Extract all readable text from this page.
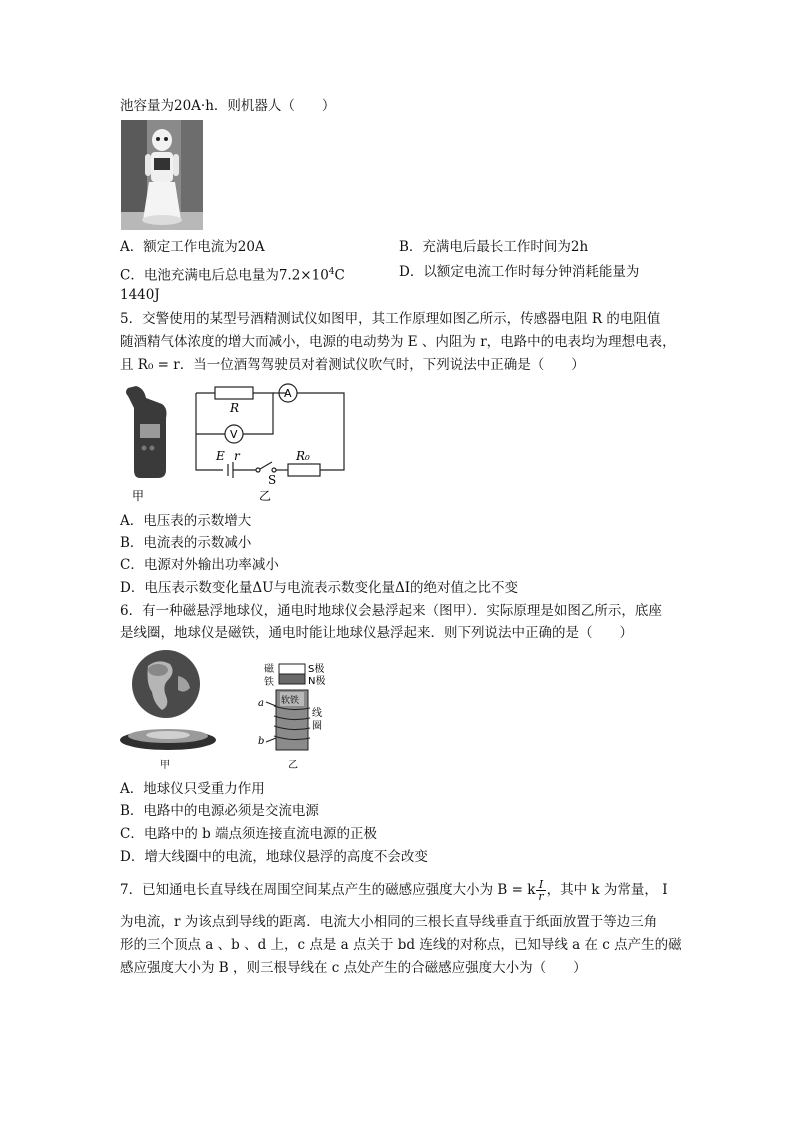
池容量为20A·h．则机器人（　　）
A．额定工作电流为20A	B．充满电后最长工作时间为2h
C．电池充满电后总电量为$7.2\times 10^4C$	D．以额定电流工作时每分钟消耗能量为
1440J
5．交警使用的某型号酒精测试仪如图甲，其工作原理如图乙所示，传感器电阻 R 的电阻值
随酒精气体浓度的增大而减小，电源的电动势为 E 、内阻为 r，电路中的电表均为理想电表，
且 R₀ = r．当一位酒驾驾驶员对着测试仪吹气时，下列说法中正确是（　　）
甲
A
V
R
E r
S
R₀
乙
A．电压表的示数增大
B．电流表的示数减小
C．电源对外输出功率减小
D．电压表示数变化量ΔU与电流表示数变化量ΔI的绝对值之比不变
6．有一种磁悬浮地球仪，通电时地球仪会悬浮起来（图甲）．实际原理是如图乙所示，底座
是线圈，地球仪是磁铁，通电时能让地球仪悬浮起来．则下列说法中正确的是（　　）
甲
磁
铁
S极
N极
软铁
a
b
线
圈
乙
A．地球仪只受重力作用
B．电路中的电源必须是交流电源
C．电路中的 b 端点须连接直流电源的正极
D．增大线圈中的电流，地球仪悬浮的高度不会改变
7．已知通电长直导线在周围空间某点产生的磁感应强度大小为 B = k $\frac{I}{r}$ ，其中 k 为常量， I
为电流，r 为该点到导线的距离．电流大小相同的三根长直导线垂直于纸面放置于等边三角
形的三个顶点 a 、b 、d 上，c 点是 a 点关于 bd 连线的对称点，已知导线 a 在 c 点产生的磁
感应强度大小为 B ，则三根导线在 c 点处产生的合磁感应强度大小为（　　）
